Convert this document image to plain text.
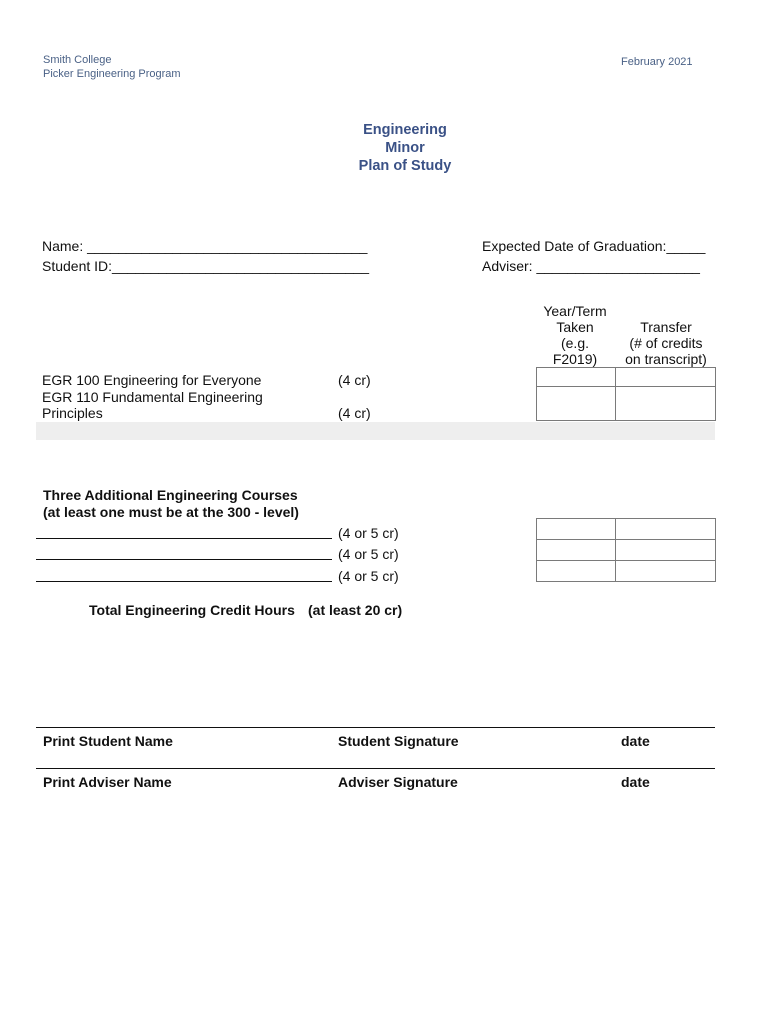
Smith College
Picker Engineering Program
February 2021
Engineering
Minor
Plan of Study
Name: ____________________________________
Student ID:_________________________________
Expected Date of Graduation:_____
Adviser: _____________________
Year/Term
Taken
(e.g.
F2019)
Transfer
(# of credits
on transcript)
EGR 100 Engineering for Everyone	(4 cr)
EGR 110 Fundamental Engineering
Principles	(4 cr)
Three Additional Engineering Courses
(at least one must be at the 300 - level)
(4 or 5 cr)
(4 or 5 cr)
(4 or 5 cr)
Total Engineering Credit Hours (at least 20 cr)
Print Student Name	Student Signature	date
Print Adviser Name	Adviser Signature	date
